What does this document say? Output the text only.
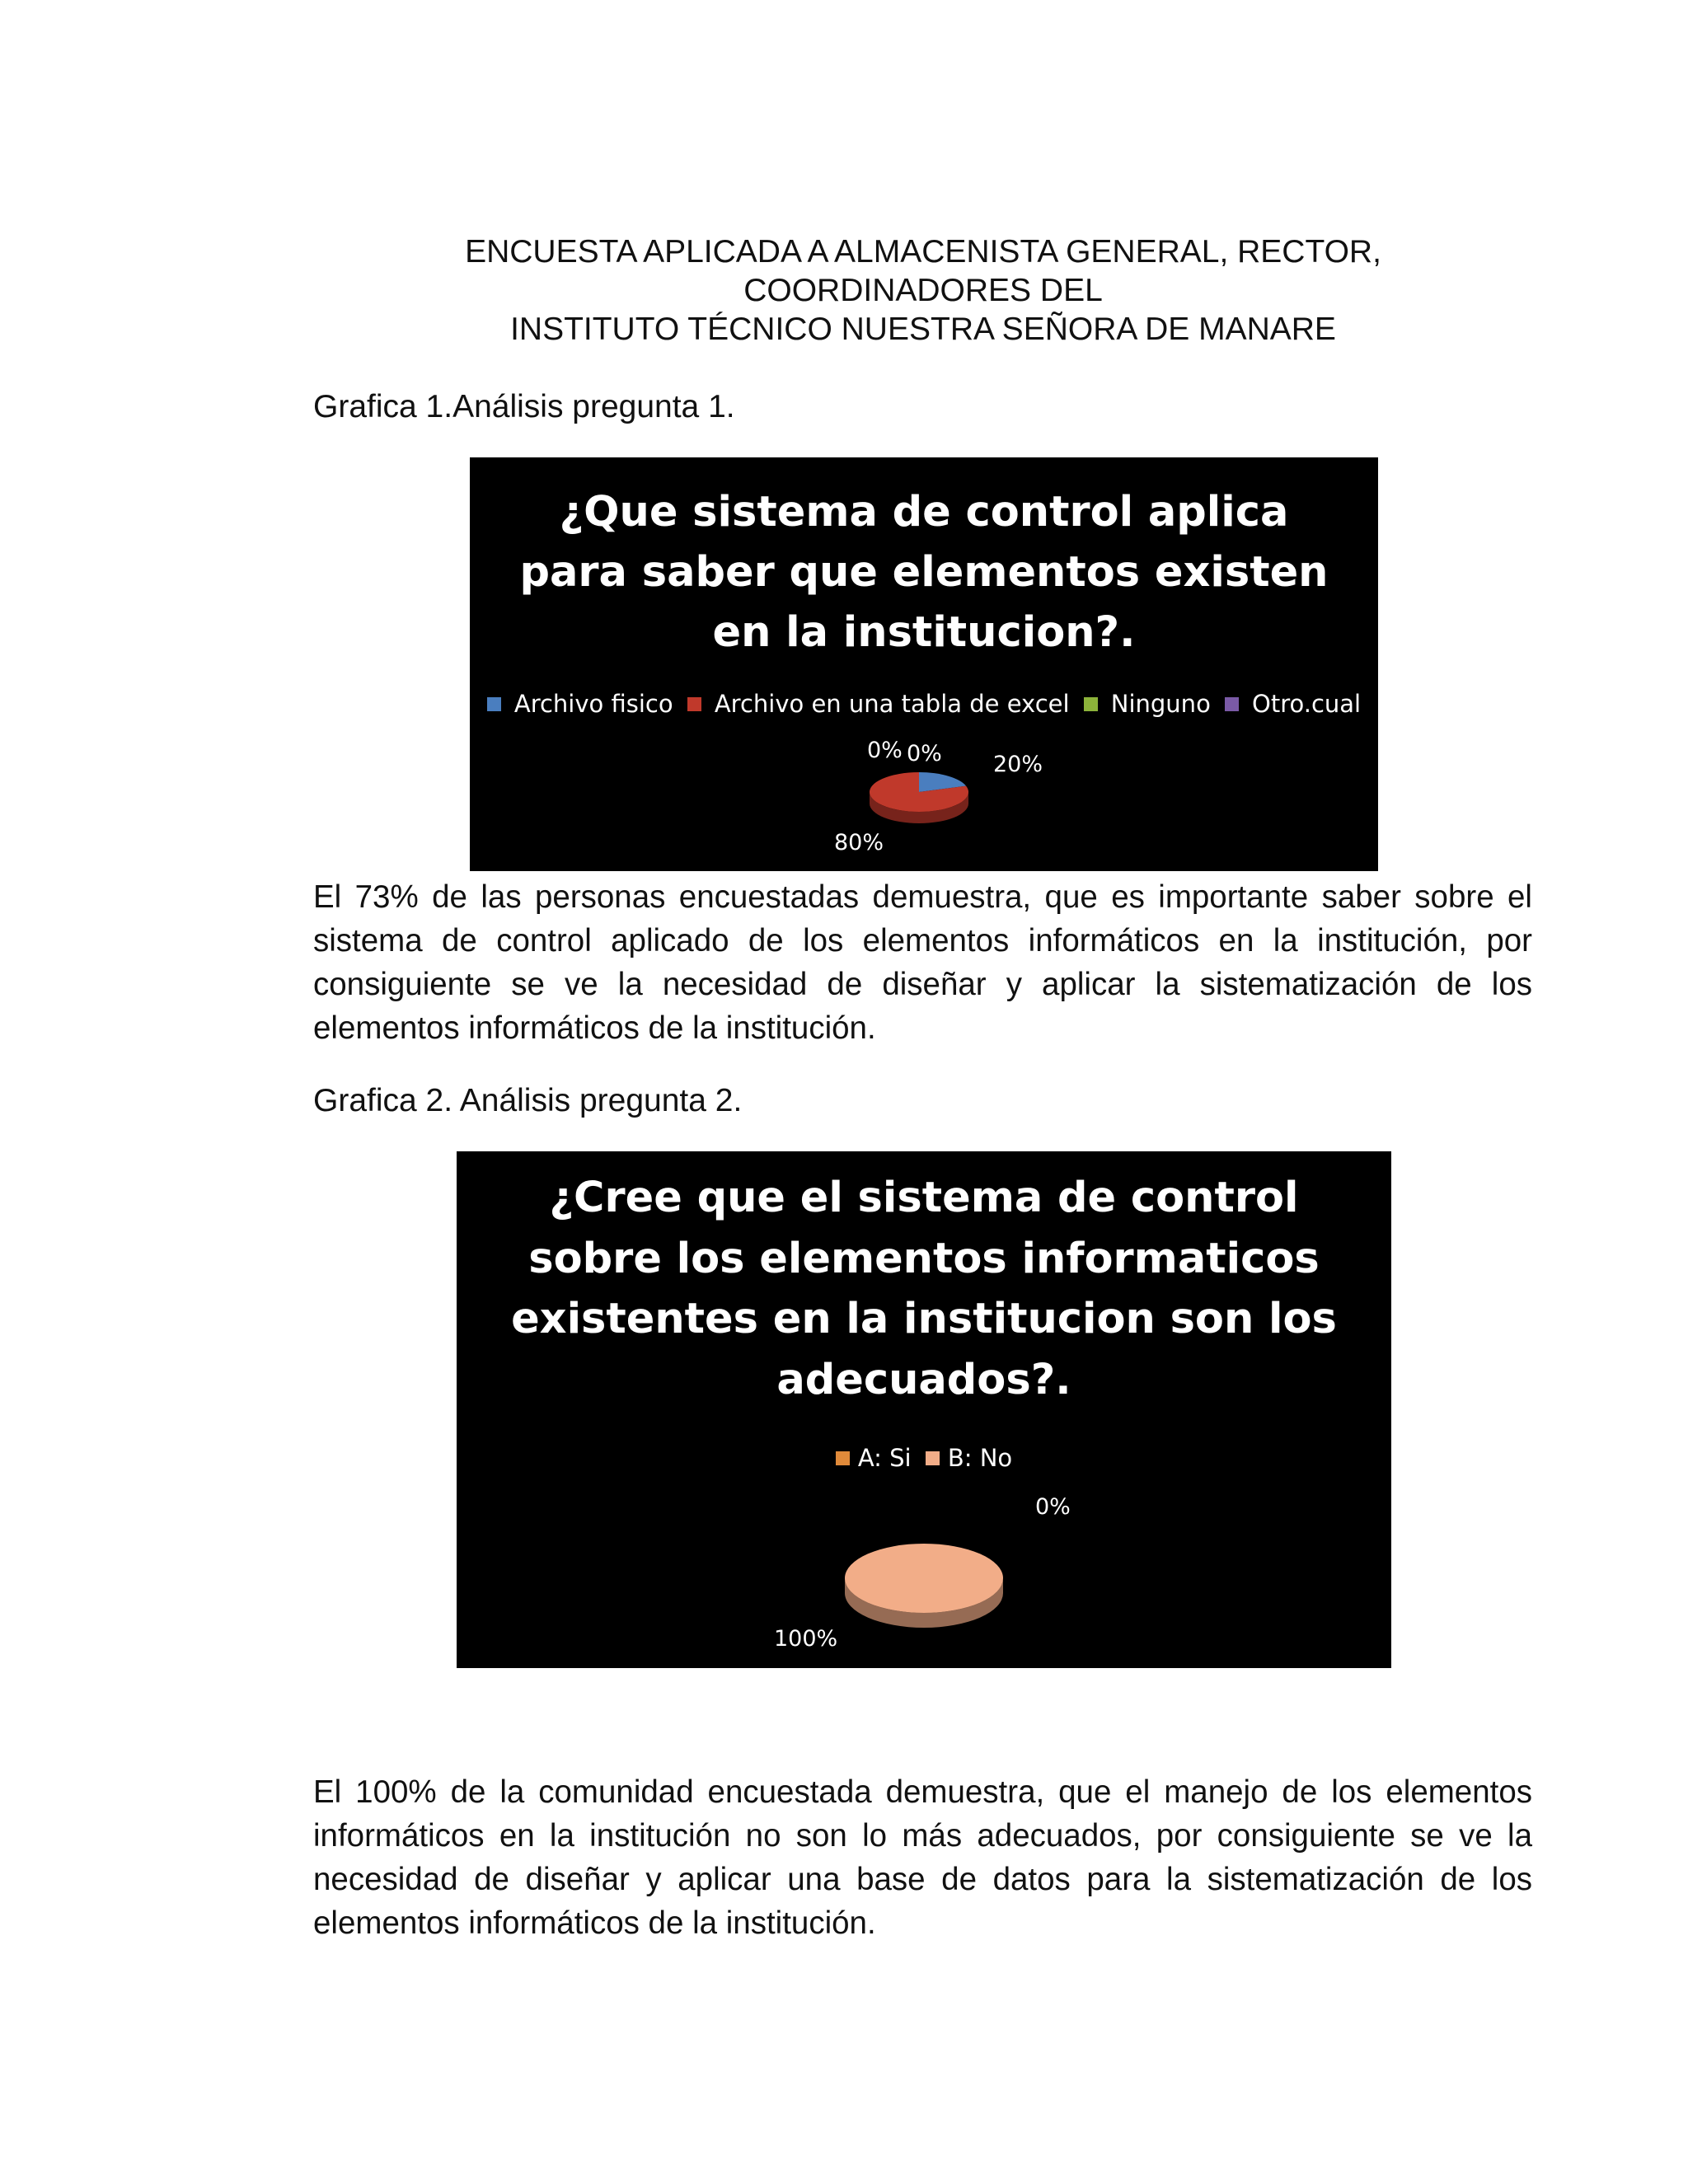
ENCUESTA APLICADA A ALMACENISTA GENERAL, RECTOR,
COORDINADORES DEL
INSTITUTO TÉCNICO NUESTRA SEÑORA DE MANARE
Grafica 1.Análisis pregunta 1.
¿Que sistema de control aplica
para saber que elementos existen
en la institucion?.
Archivo fisico Archivo en una tabla de excel Ninguno Otro.cual
0% 0% 20%
80%

El 73% de las personas encuestadas demuestra, que es importante saber sobre el sistema de control aplicado de los elementos informáticos en la institución, por consiguiente se ve la necesidad de diseñar y aplicar la sistematización de los elementos informáticos de la institución.

Grafica 2. Análisis pregunta 2.
¿Cree que el sistema de control
sobre los elementos informaticos
existentes en la institucion son los
adecuados?.
A: Si B: No
0%
100%

El 100% de la comunidad encuestada demuestra, que el manejo de los elementos informáticos en la institución no son lo más adecuados, por consiguiente se ve la necesidad de diseñar y aplicar una base de datos para la sistematización de los elementos informáticos de la institución.
